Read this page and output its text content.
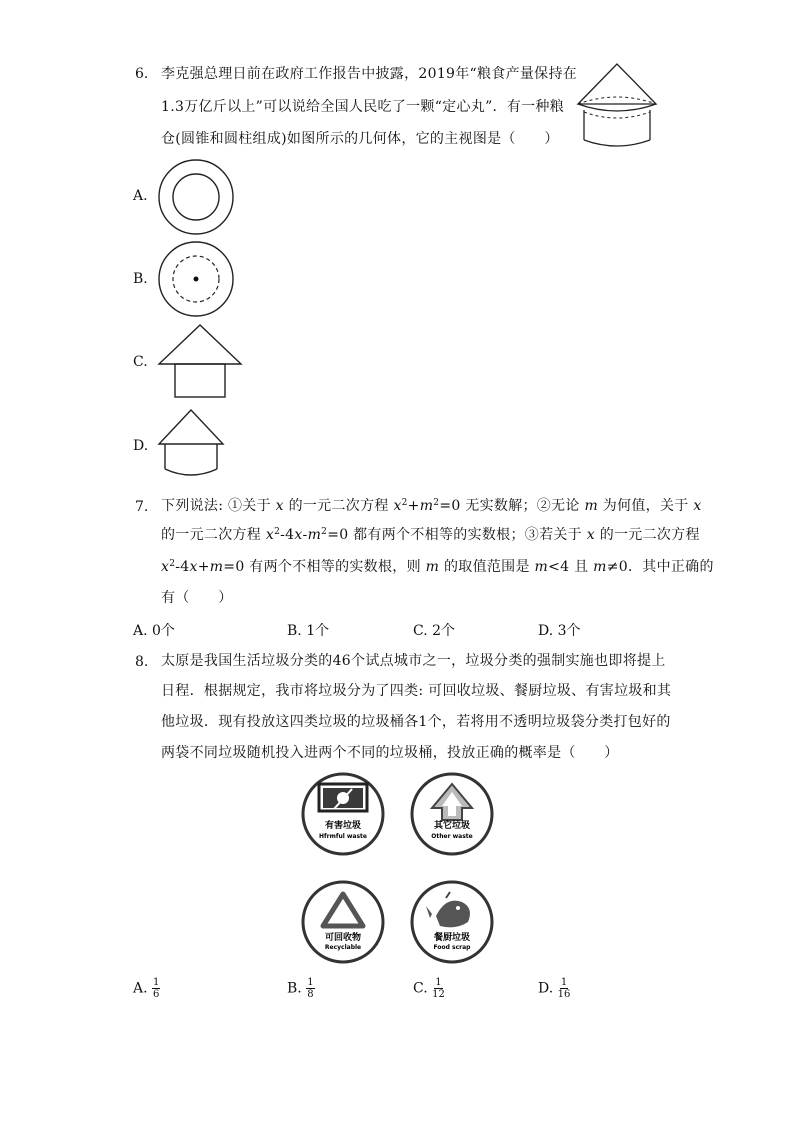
6. 李克强总理日前在政府工作报告中披露，2019年“粮食产量保持在
1.3万亿斤以上”可以说给全国人民吃了一颗“定心丸”．有一种粮
仓(圆锥和圆柱组成)如图所示的几何体，它的主视图是（　　）
A.
B.
C.
D.
7. 下列说法: ①关于 x 的一元二次方程 $x^2+m^2=0$ 无实数解；②无论 m 为何值，关于 x
的一元二次方程 $x^2-4x-m^2=0$ 都有两个不相等的实数根；③若关于 x 的一元二次方程
$x^2-4x+m=0$ 有两个不相等的实数根，则 m 的取值范围是 m<4 且 m≠0．其中正确的
有（　　）
A. 0个	B. 1个	C. 2个	D. 3个
8. 太原是我国生活垃圾分类的46个试点城市之一，垃圾分类的强制实施也即将提上
日程．根据规定，我市将垃圾分为了四类: 可回收垃圾、餐厨垃圾、有害垃圾和其
他垃圾．现有投放这四类垃圾的垃圾桶各1个，若将用不透明垃圾袋分类打包好的
两袋不同垃圾随机投入进两个不同的垃圾桶，投放正确的概率是（　　）
有害垃圾
Hfrmful waste
其它垃圾
Other waste
可回收物
Recyclable
餐厨垃圾
Food scrap
A. $\frac{1}{6}$	B. $\frac{1}{8}$	C. $\frac{1}{12}$	D. $\frac{1}{16}$
